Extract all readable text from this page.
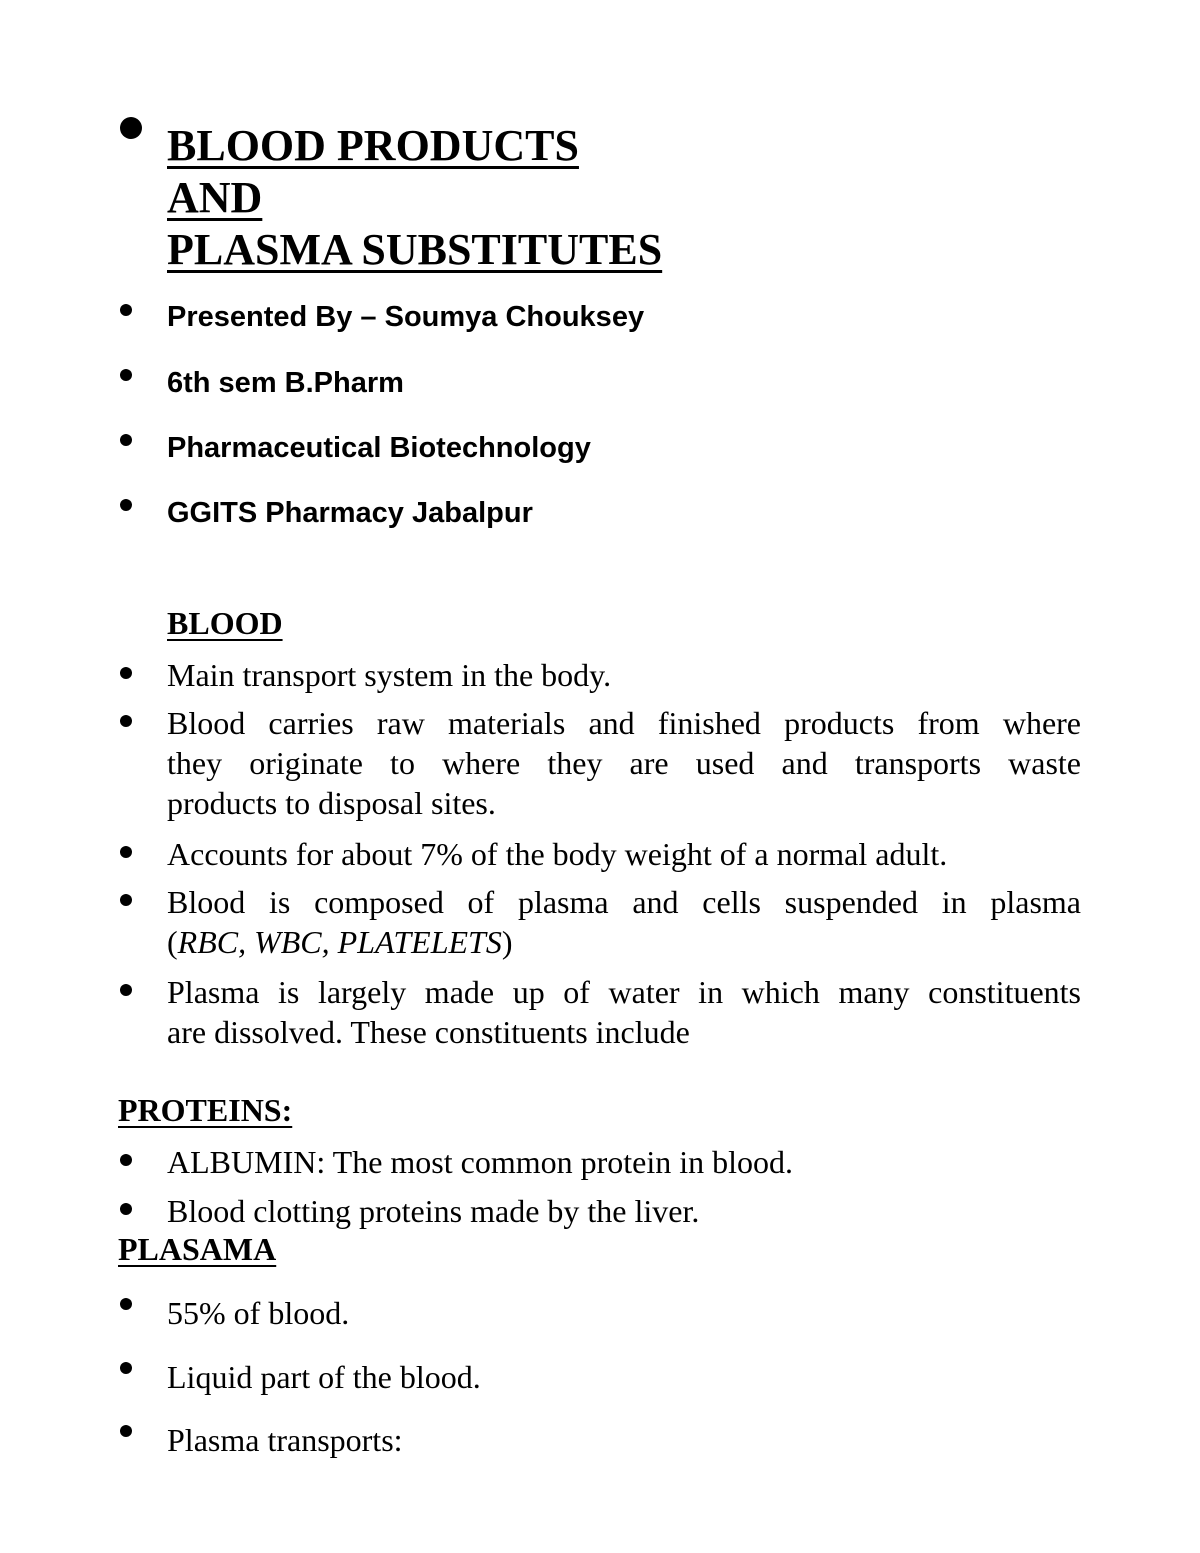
BLOOD PRODUCTS
AND
PLASMA SUBSTITUTES
Presented By – Soumya Chouksey
6th sem B.Pharm
Pharmaceutical Biotechnology
GGITS Pharmacy Jabalpur
BLOOD
Main transport system in the body.
Blood carries raw materials and finished products from where
they originate to where they are used and transports waste
products to disposal sites.
Accounts for about 7% of the body weight of a normal adult.
Blood is composed of plasma and cells suspended in plasma
(RBC, WBC, PLATELETS)
Plasma is largely made up of water in which many constituents
are dissolved. These constituents include
PROTEINS:
ALBUMIN: The most common protein in blood.
Blood clotting proteins made by the liver.
PLASAMA
55% of blood.
Liquid part of the blood.
Plasma transports:
